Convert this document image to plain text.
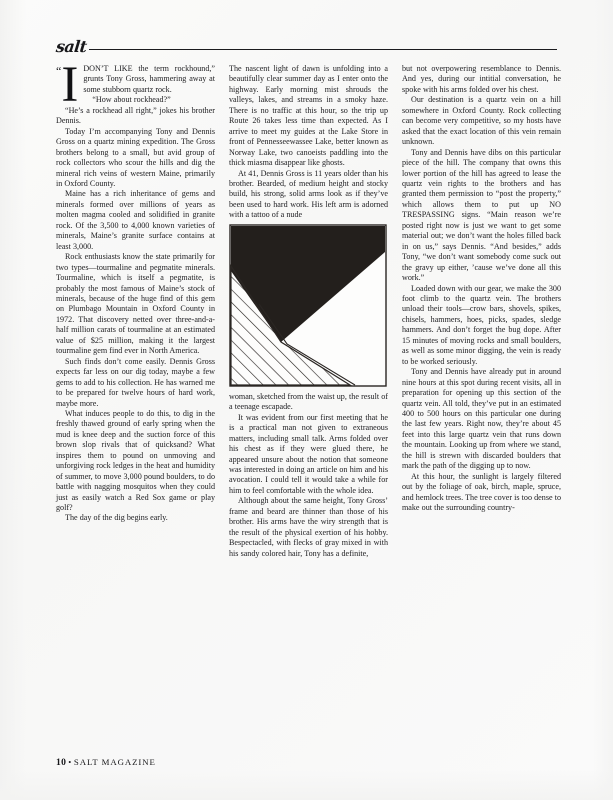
salt

“ I DON’T LIKE the term rockhound,” grunts Tony Gross, hammering away at some stubborn quartz rock.

“How about rockhead?”

“He’s a rockhead all right,” jokes his brother Dennis.

Today I’m accompanying Tony and Dennis Gross on a quartz mining expedition. The Gross brothers belong to a small, but avid group of rock collectors who scour the hills and dig the mineral rich veins of western Maine, primarily in Oxford County.

Maine has a rich inheritance of gems and minerals formed over millions of years as molten magma cooled and solidified in granite rock. Of the 3,500 to 4,000 known varieties of minerals, Maine’s granite surface contains at least 3,000.

Rock enthusiasts know the state primarily for two types—tourmaline and pegmatite minerals. Tourmaline, which is itself a pegmatite, is probably the most famous of Maine’s stock of minerals, because of the huge find of this gem on Plumbago Mountain in Oxford County in 1972. That discovery netted over three-and-a-half million carats of tourmaline at an estimated value of $25 million, making it the largest tourmaline gem find ever in North America.

Such finds don’t come easily. Dennis Gross expects far less on our dig today, maybe a few gems to add to his collection. He has warned me to be prepared for twelve hours of hard work, maybe more.

What induces people to do this, to dig in the freshly thawed ground of early spring when the mud is knee deep and the suction force of this brown slop rivals that of quicksand? What inspires them to pound on unmoving and unforgiving rock ledges in the heat and humidity of summer, to move 3,000 pound boulders, to do battle with nagging mosquitos when they could just as easily watch a Red Sox game or play golf?

The day of the dig begins early.

The nascent light of dawn is unfolding into a beautifully clear summer day as I enter onto the highway. Early morning mist shrouds the valleys, lakes, and streams in a smoky haze. There is no traffic at this hour, so the trip up Route 26 takes less time than expected. As I arrive to meet my guides at the Lake Store in front of Pennesseewassee Lake, better known as Norway Lake, two canoeists paddling into the thick miasma disappear like ghosts.

At 41, Dennis Gross is 11 years older than his brother. Bearded, of medium height and stocky build, his strong, solid arms look as if they’ve been used to hard work. His left arm is adorned with a tattoo of a nude

woman, sketched from the waist up, the result of a teenage escapade.

It was evident from our first meeting that he is a practical man not given to extraneous matters, including small talk. Arms folded over his chest as if they were glued there, he appeared unsure about the notion that someone was interested in doing an article on him and his avocation. I could tell it would take a while for him to feel comfortable with the whole idea.

Although about the same height, Tony Gross’ frame and beard are thinner than those of his brother. His arms have the wiry strength that is the result of the physical exertion of his hobby. Bespectacled, with flecks of gray mixed in with his sandy colored hair, Tony has a definite,

but not overpowering resemblance to Dennis. And yes, during our intitial conversation, he spoke with his arms folded over his chest.

Our destination is a quartz vein on a hill somewhere in Oxford County. Rock collecting can become very competitive, so my hosts have asked that the exact location of this vein remain unknown.

Tony and Dennis have dibs on this particular piece of the hill. The company that owns this lower portion of the hill has agreed to lease the quartz vein rights to the brothers and has granted them permission to “post the property,” which allows them to put up NO TRESPASSING signs. “Main reason we’re posted right now is just we want to get some material out; we don’t want the holes filled back in on us,” says Dennis. “And besides,” adds Tony, “we don’t want somebody come suck out the gravy up either, ’cause we’ve done all this work.”

Loaded down with our gear, we make the 300 foot climb to the quartz vein. The brothers unload their tools—crow bars, shovels, spikes, chisels, hammers, hoes, picks, spades, sledge hammers. And don’t forget the bug dope. After 15 minutes of moving rocks and small boulders, as well as some minor digging, the vein is ready to be worked seriously.

Tony and Dennis have already put in around nine hours at this spot during recent visits, all in preparation for opening up this section of the quartz vein. All told, they’ve put in an estimated 400 to 500 hours on this particular one during the last few years. Right now, they’re about 45 feet into this large quartz vein that runs down the mountain. Looking up from where we stand, the hill is strewn with discarded boulders that mark the path of the digging up to now.

At this hour, the sunlight is largely filtered out by the foliage of oak, birch, maple, spruce, and hemlock trees. The tree cover is too dense to make out the surrounding country-

10 • SALT MAGAZINE
